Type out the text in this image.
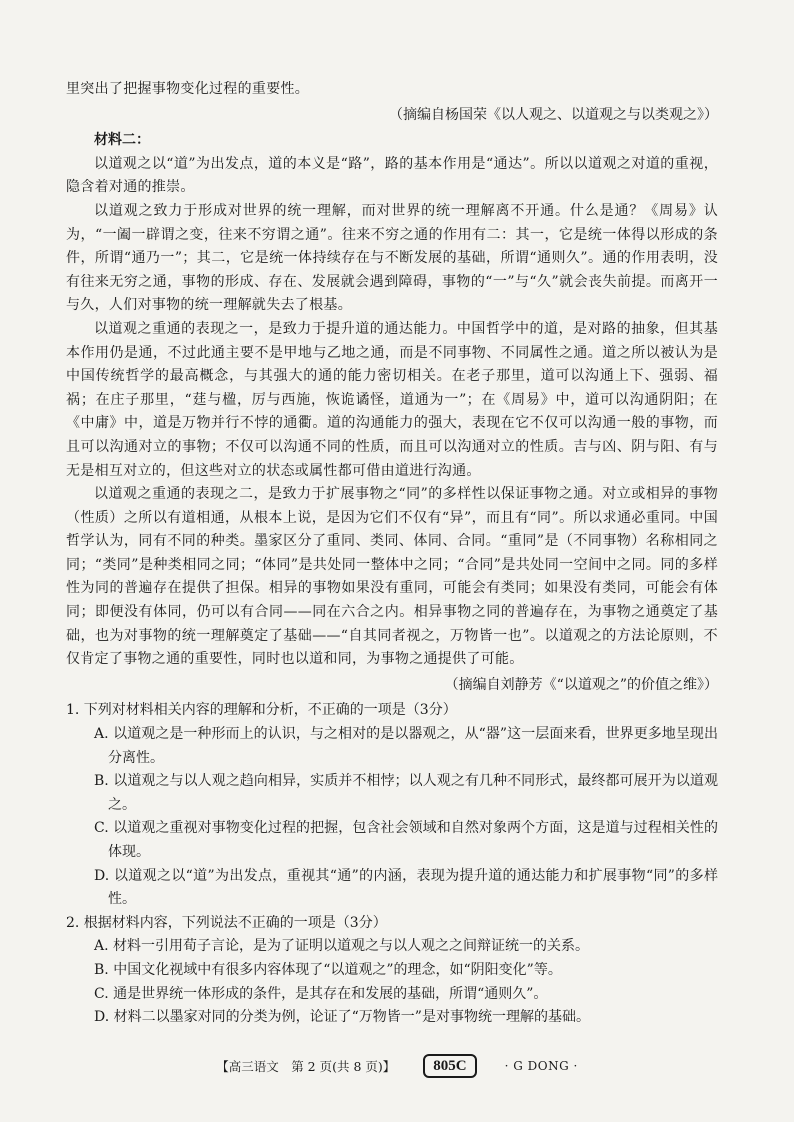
里突出了把握事物变化过程的重要性。

（摘编自杨国荣《以人观之、以道观之与以类观之》）

材料二：

以道观之以“道”为出发点，道的本义是“路”，路的基本作用是“通达”。所以以道观之对道的重视，隐含着对通的推崇。

以道观之致力于形成对世界的统一理解，而对世界的统一理解离不开通。什么是通？《周易》认为，“一阖一辟谓之变，往来不穷谓之通”。往来不穷之通的作用有二：其一，它是统一体得以形成的条件，所谓“通乃一”；其二，它是统一体持续存在与不断发展的基础，所谓“通则久”。通的作用表明，没有往来无穷之通，事物的形成、存在、发展就会遇到障碍，事物的“一”与“久”就会丧失前提。而离开一与久，人们对事物的统一理解就失去了根基。

以道观之重通的表现之一，是致力于提升道的通达能力。中国哲学中的道，是对路的抽象，但其基本作用仍是通，不过此通主要不是甲地与乙地之通，而是不同事物、不同属性之通。道之所以被认为是中国传统哲学的最高概念，与其强大的通的能力密切相关。在老子那里，道可以沟通上下、强弱、福祸；在庄子那里，“莛与楹，厉与西施，恢诡谲怪，道通为一”；在《周易》中，道可以沟通阴阳；在《中庸》中，道是万物并行不悖的通衢。道的沟通能力的强大，表现在它不仅可以沟通一般的事物，而且可以沟通对立的事物；不仅可以沟通不同的性质，而且可以沟通对立的性质。吉与凶、阴与阳、有与无是相互对立的，但这些对立的状态或属性都可借由道进行沟通。

以道观之重通的表现之二，是致力于扩展事物之“同”的多样性以保证事物之通。对立或相异的事物（性质）之所以有道相通，从根本上说，是因为它们不仅有“异”，而且有“同”。所以求通必重同。中国哲学认为，同有不同的种类。墨家区分了重同、类同、体同、合同。“重同”是（不同事物）名称相同之同；“类同”是种类相同之同；“体同”是共处同一整体中之同；“合同”是共处同一空间中之同。同的多样性为同的普遍存在提供了担保。相异的事物如果没有重同，可能会有类同；如果没有类同，可能会有体同；即便没有体同，仍可以有合同——同在六合之内。相异事物之同的普遍存在，为事物之通奠定了基础，也为对事物的统一理解奠定了基础——“自其同者视之，万物皆一也”。以道观之的方法论原则，不仅肯定了事物之通的重要性，同时也以道和同，为事物之通提供了可能。

（摘编自刘静芳《“以道观之”的价值之维》）

1. 下列对材料相关内容的理解和分析，不正确的一项是（3分）

A. 以道观之是一种形而上的认识，与之相对的是以器观之，从“器”这一层面来看，世界更多地呈现出分离性。

B. 以道观之与以人观之趋向相异，实质并不相悖；以人观之有几种不同形式，最终都可展开为以道观之。

C. 以道观之重视对事物变化过程的把握，包含社会领域和自然对象两个方面，这是道与过程相关性的体现。

D. 以道观之以“道”为出发点，重视其“通”的内涵，表现为提升道的通达能力和扩展事物“同”的多样性。

2. 根据材料内容，下列说法不正确的一项是（3分）

A. 材料一引用荀子言论，是为了证明以道观之与以人观之之间辩证统一的关系。

B. 中国文化视域中有很多内容体现了“以道观之”的理念，如“阴阳变化”等。

C. 通是世界统一体形成的条件，是其存在和发展的基础，所谓“通则久”。

D. 材料二以墨家对同的分类为例，论证了“万物皆一”是对事物统一理解的基础。

【高三语文　第 2 页(共 8 页)】	805C	· G DONG ·
